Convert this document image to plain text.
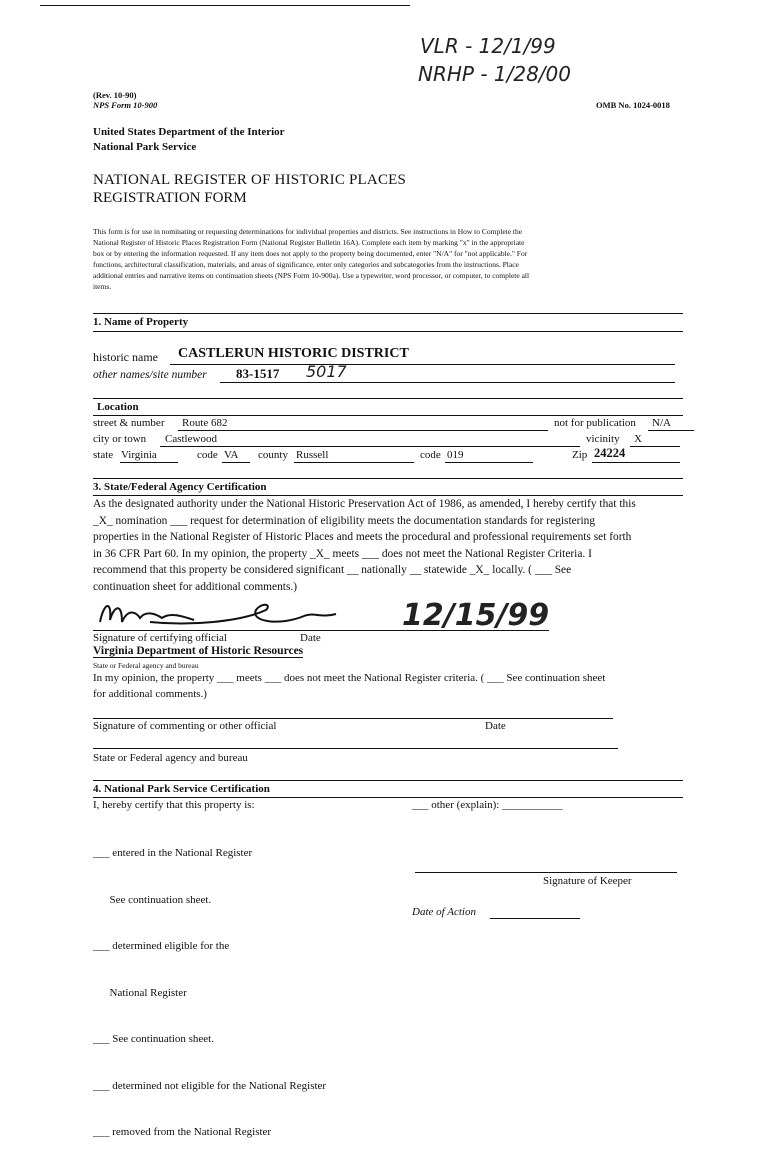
VLR - 12/1/99
NRHP - 1/28/00
(Rev. 10-90)
NPS Form 10-900	OMB No. 1024-0018
United States Department of the Interior
National Park Service
NATIONAL REGISTER OF HISTORIC PLACES
REGISTRATION FORM
This form is for use in nominating or requesting determinations for individual properties and districts. See instructions in How to Complete the
National Register of Historic Places Registration Form (National Register Bulletin 16A). Complete each item by marking "x" in the appropriate
box or by entering the information requested. If any item does not apply to the property being documented, enter "N/A" for "not applicable." For
functions, architectural classification, materials, and areas of significance, enter only categories and subcategories from the instructions. Place
additional entries and narrative items on continuation sheets (NPS Form 10-900a). Use a typewriter, word processor, or computer, to complete all
items.
1. Name of Property
historic name CASTLERUN HISTORIC DISTRICT
other names/site number 83-1517 5017
Location
street & number Route 682	not for publication N/A
city or town Castlewood	vicinity X
state Virginia	code VA county Russell	code 019	Zip 24224
3. State/Federal Agency Certification
As the designated authority under the National Historic Preservation Act of 1986, as amended, I hereby certify that this
_X_ nomination ___ request for determination of eligibility meets the documentation standards for registering
properties in the National Register of Historic Places and meets the procedural and professional requirements set forth
in 36 CFR Part 60. In my opinion, the property _X_ meets ___ does not meet the National Register Criteria. I
recommend that this property be considered significant __ nationally __ statewide _X_ locally. ( ___ See
continuation sheet for additional comments.)
12/15/99
Signature of certifying official	Date
Virginia Department of Historic Resources
State or Federal agency and bureau
In my opinion, the property ___ meets ___ does not meet the National Register criteria. ( ___ See continuation sheet
for additional comments.)
Signature of commenting or other official	Date
State or Federal agency and bureau
4. National Park Service Certification
I, hereby certify that this property is:	___ other (explain): ___________

___ entered in the National Register

See continuation sheet.

___ determined eligible for the

National Register

___ See continuation sheet.

___ determined not eligible for the National Register

___ removed from the National Register

Signature of Keeper
Date of Action
